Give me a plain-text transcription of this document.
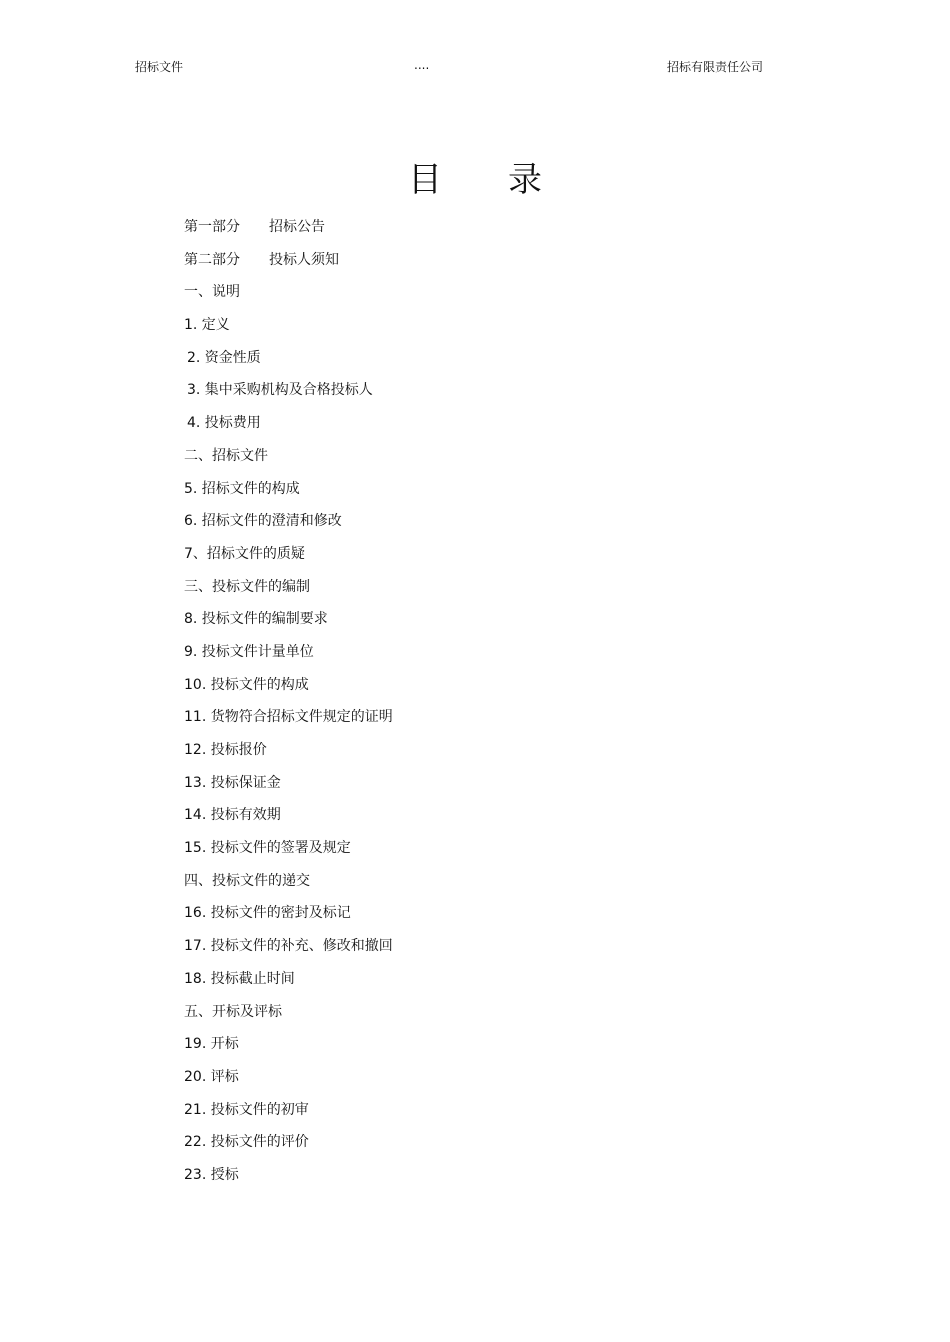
招标文件	....	招标有限责任公司
目录
第一部分 招标公告
第二部分 投标人须知
一、说明
1. 定义
2. 资金性质
3. 集中采购机构及合格投标人
4. 投标费用
二、招标文件
5. 招标文件的构成
6. 招标文件的澄清和修改
7、招标文件的质疑
三、投标文件的编制
8. 投标文件的编制要求
9. 投标文件计量单位
10. 投标文件的构成
11. 货物符合招标文件规定的证明
12. 投标报价
13. 投标保证金
14. 投标有效期
15. 投标文件的签署及规定
四、投标文件的递交
16. 投标文件的密封及标记
17. 投标文件的补充、修改和撤回
18. 投标截止时间
五、开标及评标
19. 开标
20. 评标
21. 投标文件的初审
22. 投标文件的评价
23. 授标
